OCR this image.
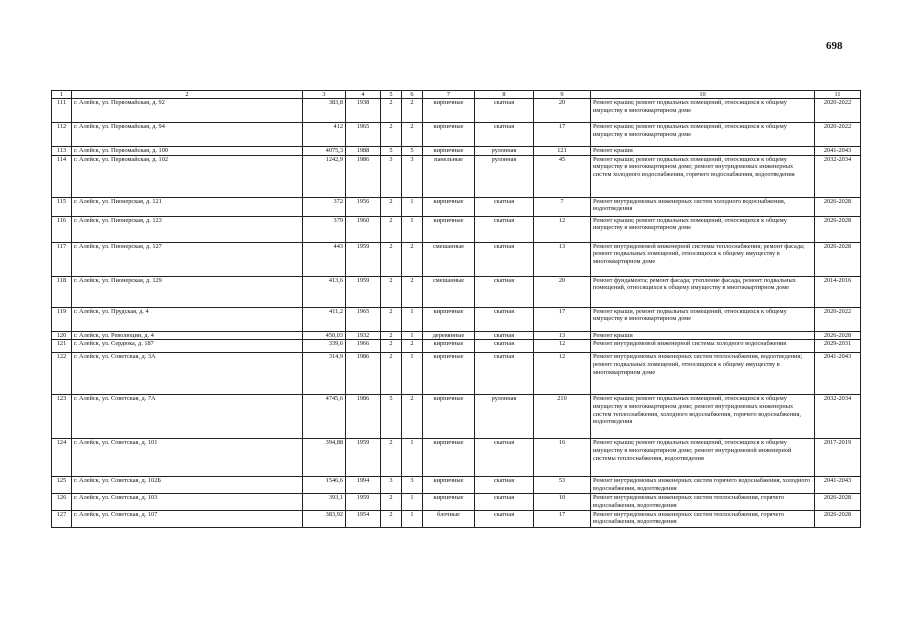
698
1	2	3	4	5	6	7	8	9	10	11
111	г. Алейск, ул. Первомайская, д. 92	383,8	1938	2	2	кирпичные	скатная	20	Ремонт крыши; ремонт подвальных помещений, относящихся к общему имуществу в многоквартирном доме	2020-2022
112	г. Алейск, ул. Первомайская, д. 94	412	1965	2	2	кирпичные	скатная	17	Ремонт крыши; ремонт подвальных помещений, относящихся к общему имуществу в многоквартирном доме	2020-2022
113	г. Алейск, ул. Первомайская, д. 100	4075,3	1988	5	5	кирпичные	рулонная	121	Ремонт крыши	2041-2043
114	г. Алейск, ул. Первомайская, д. 102	1242,9	1986	3	3	панельные	рулонная	45	Ремонт крыши; ремонт подвальных помещений, относящихся к общему имуществу в многоквартирном доме; ремонт внутридомовых инженерных систем холодного водоснабжения, горячего водоснабжения, водоотведения	2032-2034
115	г. Алейск, ул. Пионерская, д. 121	372	1956	2	1	кирпичные	скатная	7	Ремонт внутридомовых инженерных систем холодного водоснабжения, водоотведения	2026-2028
116	г. Алейск, ул. Пионерская, д. 123	379	1960	2	1	кирпичные	скатная	12	Ремонт крыши; ремонт подвальных помещений, относящихся к общему имуществу в многоквартирном доме	2026-2028
117	г. Алейск, ул. Пионерская, д. 127	443	1959	2	2	смешанные	скатная	13	Ремонт внутридомовой инженерной системы теплоснабжения; ремонт фасада; ремонт подвальных помещений, относящихся к общему имуществу в многоквартирном доме	2026-2028
118	г. Алейск, ул. Пионерская, д. 129	413,6	1959	2	2	смешанные	скатная	20	Ремонт фундамента; ремонт фасада; утепление фасада, ремонт подвальных помещений, относящихся к общему имуществу в многоквартирном доме	2014-2016
119	г. Алейск, ул. Прудская, д. 4	411,2	1965	2	1	кирпичные	скатная	17	Ремонт крыши, ремонт подвальных помещений, относящихся к общему имуществу в многоквартирном доме	2020-2022
120	г. Алейск, ул. Революции, д. 4	450,03	1932	2	1	деревянные	скатная	13	Ремонт крыши	2026-2028
121	г. Алейск, ул. Сердюка, д. 187	339,6	1966	2	2	кирпичные	скатная	12	Ремонт внутридомовой инженерной системы холодного водоснабжения	2029-2031
122	г. Алейск, ул. Советская, д. 3А	314,9	1986	2	1	кирпичные	скатная	12	Ремонт внутридомовых инженерных систем теплоснабжения, водоотведения; ремонт подвальных помещений, относящихся к общему имуществу в многоквартирном доме	2041-2043
123	г. Алейск, ул. Советская, д. 7А	4745,6	1986	5	2	кирпичные	рулонная	210	Ремонт крыши; ремонт подвальных помещений, относящихся к общему имуществу в многоквартирном доме; ремонт внутридомовых инженерных систем теплоснабжения, холодного водоснабжения, горячего водоснабжения, водоотведения	2032-2034
124	г. Алейск, ул. Советская, д. 101	394,88	1959	2	1	кирпичные	скатная	16	Ремонт крыши; ремонт подвальных помещений, относящихся к общему имуществу в многоквартирном доме; ремонт внутридомовой инженерной системы теплоснабжения, водоотведения	2017-2019
125	г. Алейск, ул. Советская, д. 102Б	1546,6	1994	3	3	кирпичные	скатная	53	Ремонт внутридомовых инженерных систем горячего водоснабжения, холодного водоснабжения, водоотведения	2041-2043
126	г. Алейск, ул. Советская, д. 103	393,1	1959	2	1	кирпичные	скатная	10	Ремонт внутридомовых инженерных систем теплоснабжения, горячего водоснабжения, водоотведения	2026-2028
127	г. Алейск, ул. Советская, д. 107	383,92	1954	2	1	блочные	скатная	17	Ремонт внутридомовых инженерных систем теплоснабжения, горячего водоснабжения, водоотведения	2026-2028
